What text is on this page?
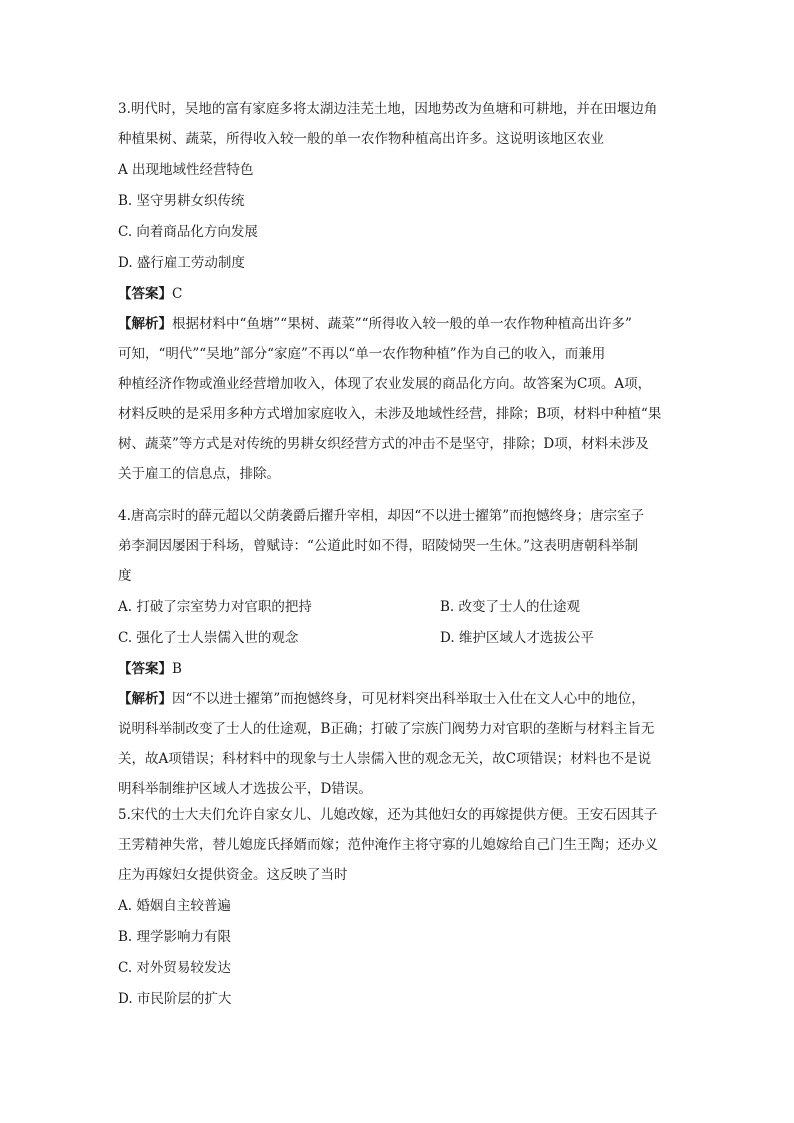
3.明代时，吴地的富有家庭多将太湖边洼芜土地，因地势改为鱼塘和可耕地，并在田堰边角

种植果树、蔬菜，所得收入较一般的单一农作物种植高出许多。这说明该地区农业

A 出现地域性经营特色

B. 坚守男耕女织传统

C. 向着商品化方向发展

D. 盛行雇工劳动制度

【答案】C

【解析】根据材料中“鱼塘”“果树、蔬菜”“所得收入较一般的单一农作物种植高出许多”

可知，“明代”“吴地”部分“家庭”不再以“单一农作物种植”作为自己的收入，而兼用

种植经济作物或渔业经营增加收入，体现了农业发展的商品化方向。故答案为C项。A项，

材料反映的是采用多种方式增加家庭收入，未涉及地域性经营，排除；B项，材料中种植“果

树、蔬菜”等方式是对传统的男耕女织经营方式的冲击不是坚守，排除；D项，材料未涉及

关于雇工的信息点，排除。

4.唐高宗时的薛元超以父荫袭爵后擢升宰相，却因“不以进士擢第”而抱憾终身；唐宗室子

弟李洞因屡困于科场，曾赋诗：“公道此时如不得，昭陵恸哭一生休。”这表明唐朝科举制

度

A. 打破了宗室势力对官职的把持	B. 改变了士人的仕途观
C. 强化了士人崇儒入世的观念	D. 维护区域人才选拔公平

【答案】B

【解析】因“不以进士擢第”而抱憾终身，可见材料突出科举取士入仕在文人心中的地位，

说明科举制改变了士人的仕途观，B正确；打破了宗族门阀势力对官职的垄断与材料主旨无

关，故A项错误；科材料中的现象与士人崇儒入世的观念无关，故C项错误；材料也不是说

明科举制维护区域人才选拔公平，D错误。

5.宋代的士大夫们允许自家女儿、儿媳改嫁，还为其他妇女的再嫁提供方便。王安石因其子

王雱精神失常，替儿媳庞氏择婿而嫁；范仲淹作主将守寡的儿媳嫁给自己门生王陶；还办义

庄为再嫁妇女提供资金。这反映了当时

A. 婚姻自主较普遍

B. 理学影响力有限

C. 对外贸易较发达

D. 市民阶层的扩大
